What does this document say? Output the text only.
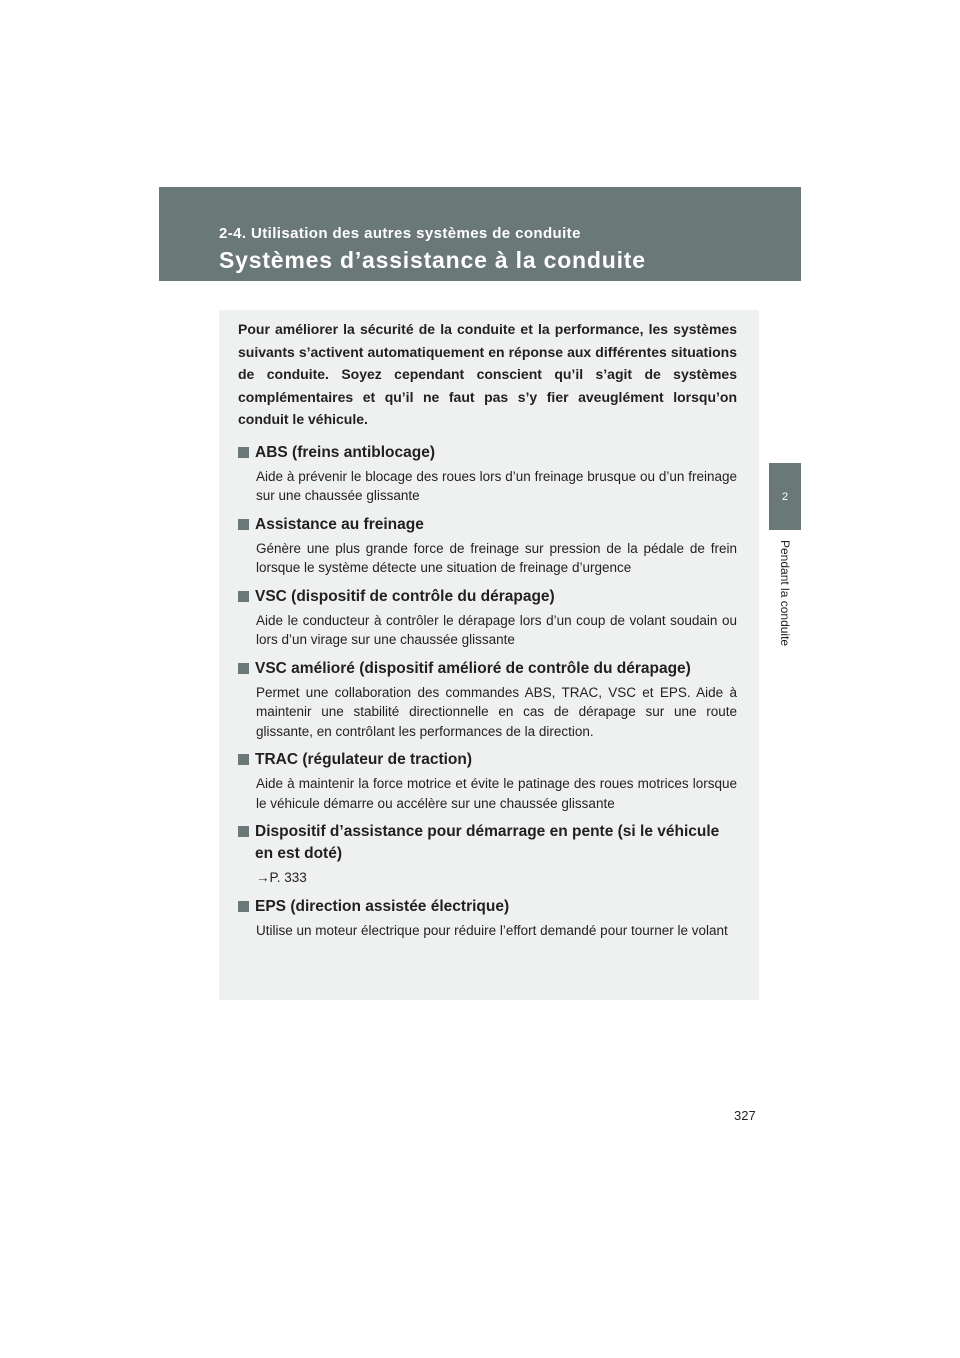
2-4. Utilisation des autres systèmes de conduite
Systèmes d’assistance à la conduite
2
Pendant la conduite

Pour améliorer la sécurité de la conduite et la performance, les systèmes suivants s’activent automatiquement en réponse aux différentes situations de conduite. Soyez cependant conscient qu’il s’agit de systèmes complémentaires et qu’il ne faut pas s’y fier aveuglément lorsqu’on conduit le véhicule.

ABS (freins antiblocage)
Aide à prévenir le blocage des roues lors d’un freinage brusque ou d’un freinage sur une chaussée glissante
Assistance au freinage
Génère une plus grande force de freinage sur pression de la pédale de frein lorsque le système détecte une situation de freinage d’urgence
VSC (dispositif de contrôle du dérapage)
Aide le conducteur à contrôler le dérapage lors d’un coup de volant soudain ou lors d’un virage sur une chaussée glissante
VSC amélioré (dispositif amélioré de contrôle du dérapage)
Permet une collaboration des commandes ABS, TRAC, VSC et EPS. Aide à maintenir une stabilité directionnelle en cas de dérapage sur une route glissante, en contrôlant les performances de la direction.
TRAC (régulateur de traction)
Aide à maintenir la force motrice et évite le patinage des roues motrices lorsque le véhicule démarre ou accélère sur une chaussée glissante
Dispositif d’assistance pour démarrage en pente (si le véhicule en est doté)
→P. 333
EPS (direction assistée électrique)
Utilise un moteur électrique pour réduire l’effort demandé pour tourner le volant
327
